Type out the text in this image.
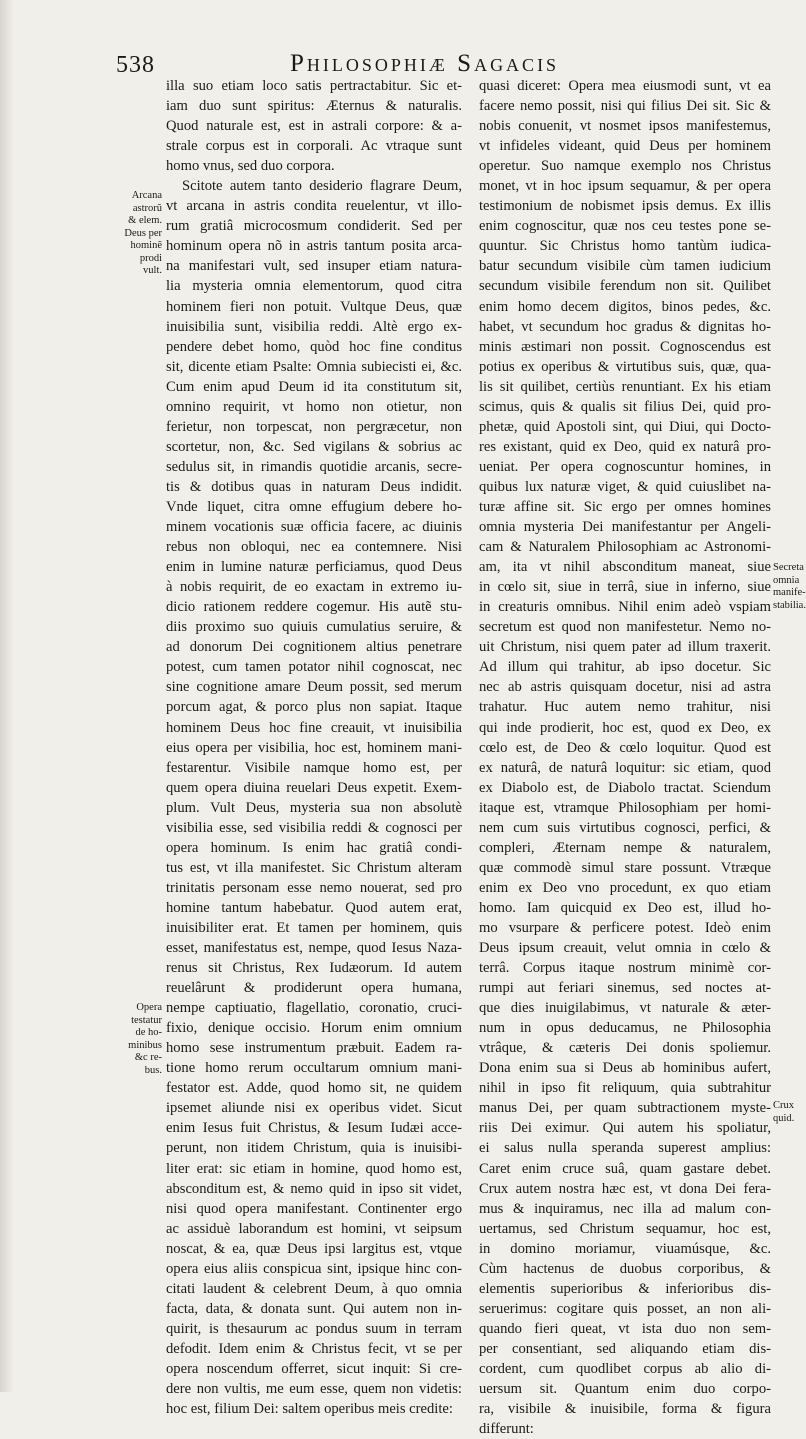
538	Philosophiæ Sagacis
Arcana
astrorũ
& elem.
Deus per
hominẽ
prodi
vult.
Opera
testatur
de ho-
minibus
&c re-
bus.
Secreta
omnia
manife-
stabilia.
Crux
quid.
illa suo etiam loco satis pertractabitur. Sic et-
iam duo sunt spiritus: Æternus & naturalis.
Quod naturale est, est in astrali corpore: & a-
strale corpus est in corporali. Ac vtraque sunt
homo vnus, sed duo corpora.
Scitote autem tanto desiderio flagrare Deum,
vt arcana in astris condita reuelentur, vt illo-
rum gratiâ microcosmum condiderit. Sed per
hominum opera nõ in astris tantum posita arca-
na manifestari vult, sed insuper etiam natura-
lia mysteria omnia elementorum, quod citra
hominem fieri non potuit. Vultque Deus, quæ
inuisibilia sunt, visibilia reddi. Altè ergo ex-
pendere debet homo, quòd hoc fine conditus
sit, dicente etiam Psalte: Omnia subiecisti ei, &c.
Cum enim apud Deum id ita constitutum sit,
omnino requirit, vt homo non otietur, non
ferietur, non torpescat, non pergræcetur, non
scortetur, non, &c. Sed vigilans & sobrius ac
sedulus sit, in rimandis quotidie arcanis, secre-
tis & dotibus quas in naturam Deus indidit.
Vnde liquet, citra omne effugium debere ho-
minem vocationis suæ officia facere, ac diuinis
rebus non obloqui, nec ea contemnere. Nisi
enim in lumine naturæ perficiamus, quod Deus
à nobis requirit, de eo exactam in extremo iu-
dicio rationem reddere cogemur. His autẽ stu-
diis proximo suo quiuis cumulatius seruire, &
ad donorum Dei cognitionem altius penetrare
potest, cum tamen potator nihil cognoscat, nec
sine cognitione amare Deum possit, sed merum
porcum agat, & porco plus non sapiat. Itaque
hominem Deus hoc fine creauit, vt inuisibilia
eius opera per visibilia, hoc est, hominem mani-
festarentur. Visibile namque homo est, per
quem opera diuina reuelari Deus expetit. Exem-
plum. Vult Deus, mysteria sua non absolutè
visibilia esse, sed visibilia reddi & cognosci per
opera hominum. Is enim hac gratiâ condi-
tus est, vt illa manifestet. Sic Christum alteram
trinitatis personam esse nemo nouerat, sed pro
homine tantum habebatur. Quod autem erat,
inuisibiliter erat. Et tamen per hominem, quis
esset, manifestatus est, nempe, quod Iesus Naza-
renus sit Christus, Rex Iudæorum. Id autem
reuelârunt & prodiderunt opera humana,
nempe captiuatio, flagellatio, coronatio, cruci-
fixio, denique occisio. Horum enim omnium
homo sese instrumentum præbuit. Eadem ra-
tione homo rerum occultarum omnium mani-
festator est. Adde, quod homo sit, ne quidem
ipsemet aliunde nisi ex operibus videt. Sicut
enim Iesus fuit Christus, & Iesum Iudæi acce-
perunt, non itidem Christum, quia is inuisibi-
liter erat: sic etiam in homine, quod homo est,
absconditum est, & nemo quid in ipso sit videt,
nisi quod opera manifestant. Continenter ergo
ac assiduè laborandum est homini, vt seipsum
noscat, & ea, quæ Deus ipsi largitus est, vtque
opera eius aliis conspicua sint, ipsique hinc con-
citati laudent & celebrent Deum, à quo omnia
facta, data, & donata sunt. Qui autem non in-
quirit, is thesaurum ac pondus suum in terram
defodit. Idem enim & Christus fecit, vt se per
opera noscendum offerret, sicut inquit: Si cre-
dere non vultis, me eum esse, quem non videtis:
hoc est, filium Dei: saltem operibus meis credite:
quasi diceret: Opera mea eiusmodi sunt, vt ea
facere nemo possit, nisi qui filius Dei sit. Sic &
nobis conuenit, vt nosmet ipsos manifestemus,
vt infideles videant, quid Deus per hominem
operetur. Suo namque exemplo nos Christus
monet, vt in hoc ipsum sequamur, & per opera
testimonium de nobismet ipsis demus. Ex illis
enim cognoscitur, quæ nos ceu testes pone se-
quuntur. Sic Christus homo tantùm iudica-
batur secundum visibile cùm tamen iudicium
secundum visibile ferendum non sit. Quilibet
enim homo decem digitos, binos pedes, &c.
habet, vt secundum hoc gradus & dignitas ho-
minis æstimari non possit. Cognoscendus est
potius ex operibus & virtutibus suis, quæ, qua-
lis sit quilibet, certiùs renuntiant. Ex his etiam
scimus, quis & qualis sit filius Dei, quid pro-
phetæ, quid Apostoli sint, qui Diui, qui Docto-
res existant, quid ex Deo, quid ex naturâ pro-
ueniat. Per opera cognoscuntur homines, in
quibus lux naturæ viget, & quid cuiuslibet na-
turæ affine sit. Sic ergo per omnes homines
omnia mysteria Dei manifestantur per Angeli-
cam & Naturalem Philosophiam ac Astronomi-
am, ita vt nihil absconditum maneat, siue
in cœlo sit, siue in terrâ, siue in inferno, siue
in creaturis omnibus. Nihil enim adeò vspiam
secretum est quod non manifestetur. Nemo no-
uit Christum, nisi quem pater ad illum traxerit.
Ad illum qui trahitur, ab ipso docetur. Sic
nec ab astris quisquam docetur, nisi ad astra
trahatur. Huc autem nemo trahitur, nisi
qui inde prodierit, hoc est, quod ex Deo, ex
cœlo est, de Deo & cœlo loquitur. Quod est
ex naturâ, de naturâ loquitur: sic etiam, quod
ex Diabolo est, de Diabolo tractat. Sciendum
itaque est, vtramque Philosophiam per homi-
nem cum suis virtutibus cognosci, perfici, &
compleri, Æternam nempe & naturalem,
quæ commodè simul stare possunt. Vtræque
enim ex Deo vno procedunt, ex quo etiam
homo. Iam quicquid ex Deo est, illud ho-
mo vsurpare & perficere potest. Ideò enim
Deus ipsum creauit, velut omnia in cœlo &
terrâ. Corpus itaque nostrum minimè cor-
rumpi aut feriari sinemus, sed noctes at-
que dies inuigilabimus, vt naturale & æter-
num in opus deducamus, ne Philosophia
vtrâque, & cæteris Dei donis spoliemur.
Dona enim sua si Deus ab hominibus aufert,
nihil in ipso fit reliquum, quia subtrahitur
manus Dei, per quam subtractionem myste-
riis Dei eximur. Qui autem his spoliatur,
ei salus nulla speranda superest amplius:
Caret enim cruce suâ, quam gastare debet.
Crux autem nostra hæc est, vt dona Dei fera-
mus & inquiramus, nec illa ad malum con-
uertamus, sed Christum sequamur, hoc est,
in domino moriamur, viuamúsque, &c.
Cùm hactenus de duobus corporibus, &
elementis superioribus & inferioribus dis-
seruerimus: cogitare quis posset, an non ali-
quando fieri queat, vt ista duo non sem-
per consentiant, sed aliquando etiam dis-
cordent, cum quodlibet corpus ab alio di-
uersum sit. Quantum enim duo corpo-
ra, visibile & inuisibile, forma & figura
differunt:
